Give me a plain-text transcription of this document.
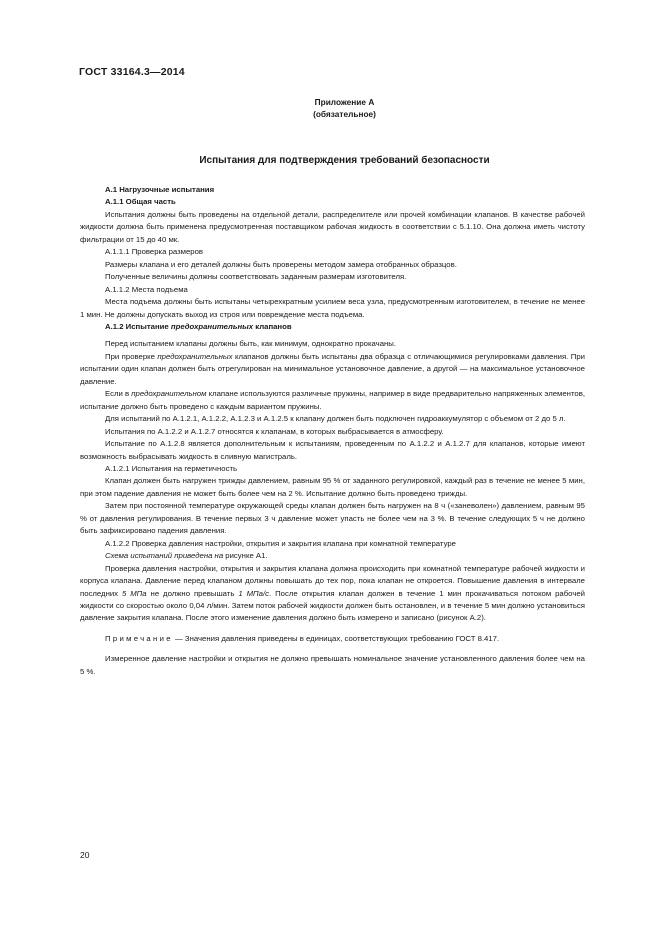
ГОСТ 33164.3—2014
Приложение А
(обязательное)
Испытания для подтверждения требований безопасности

А.1 Нагрузочные испытания

А.1.1 Общая часть

Испытания должны быть проведены на отдельной детали, распределителе или прочей комбинации клапанов. В качестве рабочей жидкости должна быть применена предусмотренная поставщиком рабочая жидкость в соответствии с 5.1.10. Она должна иметь чистоту фильтрации от 15 до 40 мк.

А.1.1.1 Проверка размеров

Размеры клапана и его деталей должны быть проверены методом замера отобранных образцов.

Полученные величины должны соответствовать заданным размерам изготовителя.

А.1.1.2 Места подъема

Места подъема должны быть испытаны четырехкратным усилием веса узла, предусмотренным изготовителем, в течение не менее 1 мин. Не должны допускать выход из строя или повреждение места подъема.

А.1.2 Испытание предохранительных клапанов

Перед испытанием клапаны должны быть, как минимум, однократно прокачаны.

При проверке предохранительных клапанов должны быть испытаны два образца с отличающимися регулировками давления. При испытании один клапан должен быть отрегулирован на минимальное установочное давление, а другой — на максимальное установочное давление.

Если в предохранительном клапане используются различные пружины, например в виде предварительно напряженных элементов, испытание должно быть проведено с каждым вариантом пружины.

Для испытаний по А.1.2.1, А.1.2.2, А.1.2.3 и А.1.2.5 к клапану должен быть подключен гидроаккумулятор с объемом от 2 до 5 л.

Испытания по А.1.2.2 и А.1.2.7 относятся к клапанам, в которых выбрасывается в атмосферу.

Испытание по А.1.2.8 является дополнительным к испытаниям, проведенным по А.1.2.2 и А.1.2.7 для клапанов, которые имеют возможность выбрасывать жидкость в сливную магистраль.

А.1.2.1 Испытания на герметичность

Клапан должен быть нагружен трижды давлением, равным 95 % от заданного регулировкой, каждый раз в течение не менее 5 мин, при этом падение давления не может быть более чем на 2 %. Испытание должно быть проведено трижды.

Затем при постоянной температуре окружающей среды клапан должен быть нагружен на 8 ч («заневолен») давлением, равным 95 % от давления регулирования. В течение первых 3 ч давление может упасть не более чем на 3 %. В течение следующих 5 ч не должно быть зафиксировано падения давления.

А.1.2.2 Проверка давления настройки, открытия и закрытия клапана при комнатной температуре

Схема испытаний приведена на рисунке А1.

Проверка давления настройки, открытия и закрытия клапана должна происходить при комнатной температуре рабочей жидкости и корпуса клапана. Давление перед клапаном должны повышать до тех пор, пока клапан не откроется. Повышение давления в интервале последних 5 МПа не должно превышать 1 МПа/с. После открытия клапан должен в течение 1 мин прокачиваться потоком рабочей жидкости со скоростью около 0,04 л/мин. Затем поток рабочей жидкости должен быть остановлен, и в течение 5 мин должно установиться давление закрытия клапана. После этого изменение давления должно быть измерено и записано (рисунок А.2).

Примечание — Значения давления приведены в единицах, соответствующих требованию ГОСТ 8.417.

Измеренное давление настройки и открытия не должно превышать номинальное значение установленного давления более чем на 5 %.

20
